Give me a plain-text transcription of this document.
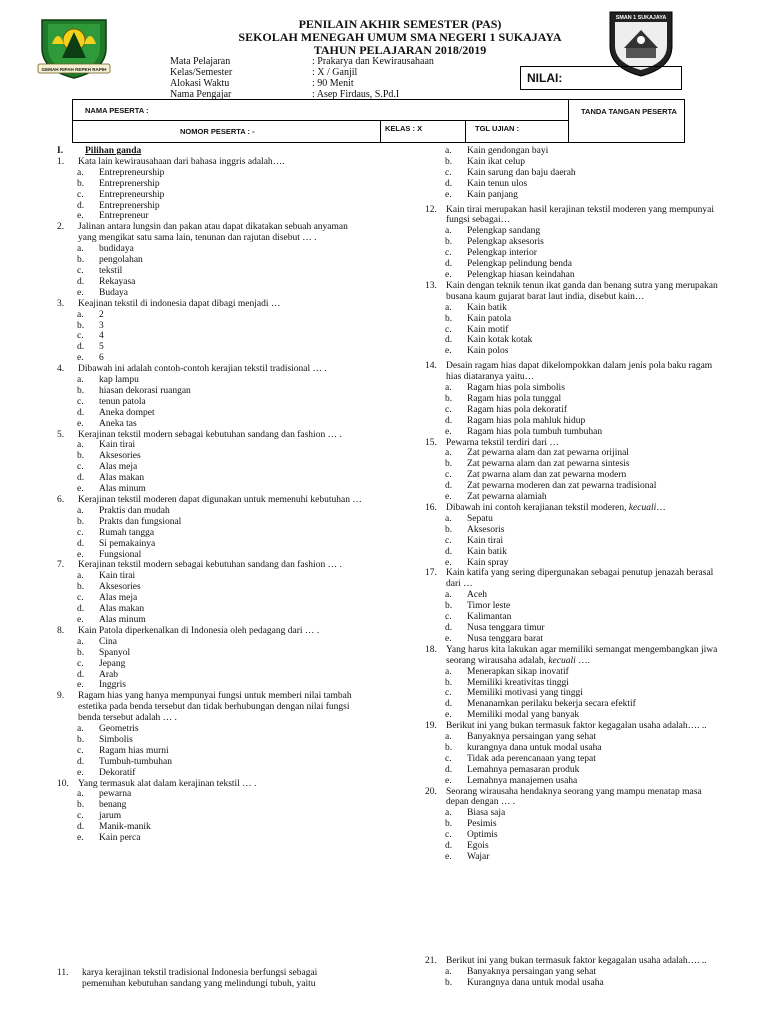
GEMAH RIPAH REPEH RAPIH
SMAN 1 SUKAJAYA
PENILAIN AKHIR SEMESTER (PAS)
SEKOLAH MENEGAH UMUM SMA NEGERI 1 SUKAJAYA
TAHUN PELAJARAN 2018/2019
Mata Pelajaran	: Prakarya dan Kewirausahaan
Kelas/Semester	: X / Ganjil
Alokasi Waktu	: 90 Menit
Nama Pengajar	: Asep Firdaus, S.Pd.I
NILAI:
NAMA PESERTA :
NOMOR PESERTA : -	KELAS : X	TGL UJIAN :
TANDA TANGAN PESERTA
I.	Pilihan ganda
1.	Kata lain kewirausahaan dari bahasa inggris adalah….
a.	Entrepreneurship
b.	Entreprenership
c.	Entrepreneurship
d.	Entreprenership
e.	Entrepreneur
2.	Jalinan antara lungsin dan pakan atau dapat dikatakan sebuah anyaman yang mengikat satu sama lain, tenunan dan rajutan disebut … .
a.	budidaya
b.	pengolahan
c.	tekstil
d.	Rekayasa
e.	Budaya
3.	Keajinan tekstil di indonesia dapat dibagi menjadi …
a.	2
b.	3
c.	4
d.	5
e.	6
4.	Dibawah ini adalah contoh-contoh kerajian tekstil tradisional … .
a.	kap lampu
b.	hiasan dekorasi ruangan
c.	tenun patola
d.	Aneka dompet
e.	Aneka tas
5.	Kerajinan tekstil modern sebagai kebutuhan sandang dan fashion … .
a.	Kain tirai
b.	Aksesories
c.	Alas meja
d.	Alas makan
e.	Alas minum
6.	Kerajinan tekstil moderen dapat digunakan untuk memenuhi kebutuhan …
a.	Praktis dan mudah
b.	Prakts dan fungsional
c.	Rumah tangga
d.	Si pemakainya
e.	Fungsional
7.	Kerajinan tekstil modern sebagai kebutuhan sandang dan fashion … .
a.	Kain tirai
b.	Aksesories
c.	Alas meja
d.	Alas makan
e.	Alas minum
8.	Kain Patola diperkenalkan di Indonesia oleh pedagang dari … .
a.	Cina
b.	Spanyol
c.	Jepang
d.	Arab
e.	Inggris
9.	Ragam hias yang hanya mempunyai fungsi untuk memberi nilai tambah estetika pada benda tersebut dan tidak berhubungan dengan nilai fungsi benda tersebut adalah … .
a.	Geometris
b.	Simbolis
c.	Ragam hias murni
d.	Tumbuh-tumbuhan
e.	Dekoratif
10. Yang termasuk alat dalam kerajinan tekstil … .
a.	pewarna
b.	benang
c.	jarum
d.	Manik-manik
e.	Kain perca
a.	Kain gendongan bayi
b.	Kain ikat celup
c.	Kain sarung dan baju daerah
d.	Kain tenun ulos
e.	Kain panjang
12. Kain tirai merupakan hasil kerajinan tekstil moderen yang mempunyai fungsi sebagai…
a.	Pelengkap sandang
b.	Pelengkap aksesoris
c.	Pelengkap interior
d.	Pelengkap pelindung benda
e.	Pelengkap hiasan keindahan
13. Kain dengan teknik tenun ikat ganda dan benang sutra yang merupakan busana kaum gujarat barat laut india, disebut kain…
a.	Kain batik
b.	Kain patola
c.	Kain motif
d.	Kain kotak kotak
e.	Kain polos
14. Desain ragam hias dapat dikelompokkan dalam jenis pola baku ragam hias diataranya yaitu…
a.	Ragam hias pola simbolis
b.	Ragam hias pola tunggal
c.	Ragam hias pola dekoratif
d.	Ragam hias pola mahluk hidup
e.	Ragam hias pola tumbuh tumbuhan
15. Pewarna tekstil terdiri dari …
a.	Zat pewarna alam dan zat pewarna orijinal
b.	Zat pewarna alam dan zat pewarna sintesis
c.	Zat pwarna alam dan zat pewarna modern
d.	Zat pewarna moderen dan zat pewarna tradisional
e.	Zat pewarna alamiah
16. Dibawah ini contoh kerajianan tekstil moderen, kecuali…
a.	Sepatu
b.	Aksesoris
c.	Kain tirai
d.	Kain batik
e.	Kain spray
17. Kain katifa yang sering dipergunakan sebagai penutup jenazah berasal dari …
a.	Aceh
b.	Timor leste
c.	Kalimantan
d.	Nusa tenggara timur
e.	Nusa tenggara barat
18. Yang harus kita lakukan agar memiliki semangat mengembangkan jiwa seorang wirausaha adalah, kecuali ….
a.	Menerapkan sikap inovatif
b.	Memiliki kreativitas tinggi
c.	Memiliki motivasi yang tinggi
d.	Menanamkan perilaku bekerja secara efektif
e.	Memiliki modal yang banyak
19. Berikut ini yang bukan termasuk faktor kegagalan usaha adalah…. ..
a.	Banyaknya persaingan yang sehat
b.	kurangnya dana untuk modal usaha
c.	Tidak ada perencanaan yang tepat
d.	Lemahnya pemasaran produk
e.	Lemahnya manajemen usaha
20. Seorang wirausaha hendaknya seorang yang mampu menatap masa depan dengan … .
a.	Biasa saja
b.	Pesimis
c.	Optimis
d.	Egois
e.	Wajar
11.	karya kerajinan tekstil tradisional Indonesia berfungsi sebagai pemenuhan kebutuhan sandang yang melindungi tubuh, yaitu
21. Berikut ini yang bukan termasuk faktor kegagalan usaha adalah…. ..
a.	Banyaknya persaingan yang sehat
b.	Kurangnya dana untuk modal usaha
